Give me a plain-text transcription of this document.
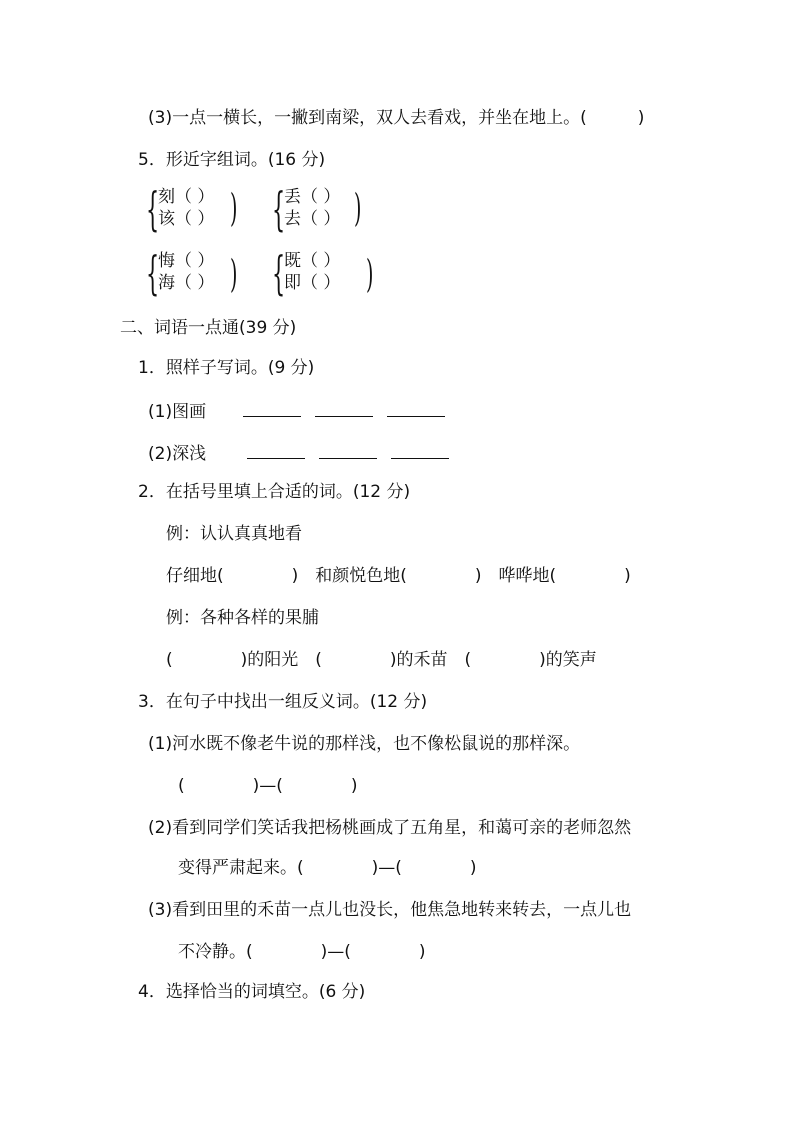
(3)一点一横长，一撇到南梁，双人去看戏，并坐在地上。(　　　)
5．形近字组词。(16 分)
{
刻（ ）
该（ ） ) {
丢（ ）
去（ ） )
{
悔（ ）
海（ ） ) {
既（ ）
即（ ） )
二、词语一点通(39 分)
1．照样子写词。(9 分)
(1)图画
(2)深浅
2．在括号里填上合适的词。(12 分)
例：认认真真地看
仔细地(　　　　)　和颜悦色地(　　　　)　哗哗地(　　　　)
例：各种各样的果脯
(　　　　)的阳光　(　　　　)的禾苗　(　　　　)的笑声
3．在句子中找出一组反义词。(12 分)
(1)河水既不像老牛说的那样浅，也不像松鼠说的那样深。
(　　　　)—(　　　　)
(2)看到同学们笑话我把杨桃画成了五角星，和蔼可亲的老师忽然
变得严肃起来。(　　　　)—(　　　　)
(3)看到田里的禾苗一点儿也没长，他焦急地转来转去，一点儿也
不冷静。(　　　　)—(　　　　)
4．选择恰当的词填空。(6 分)
